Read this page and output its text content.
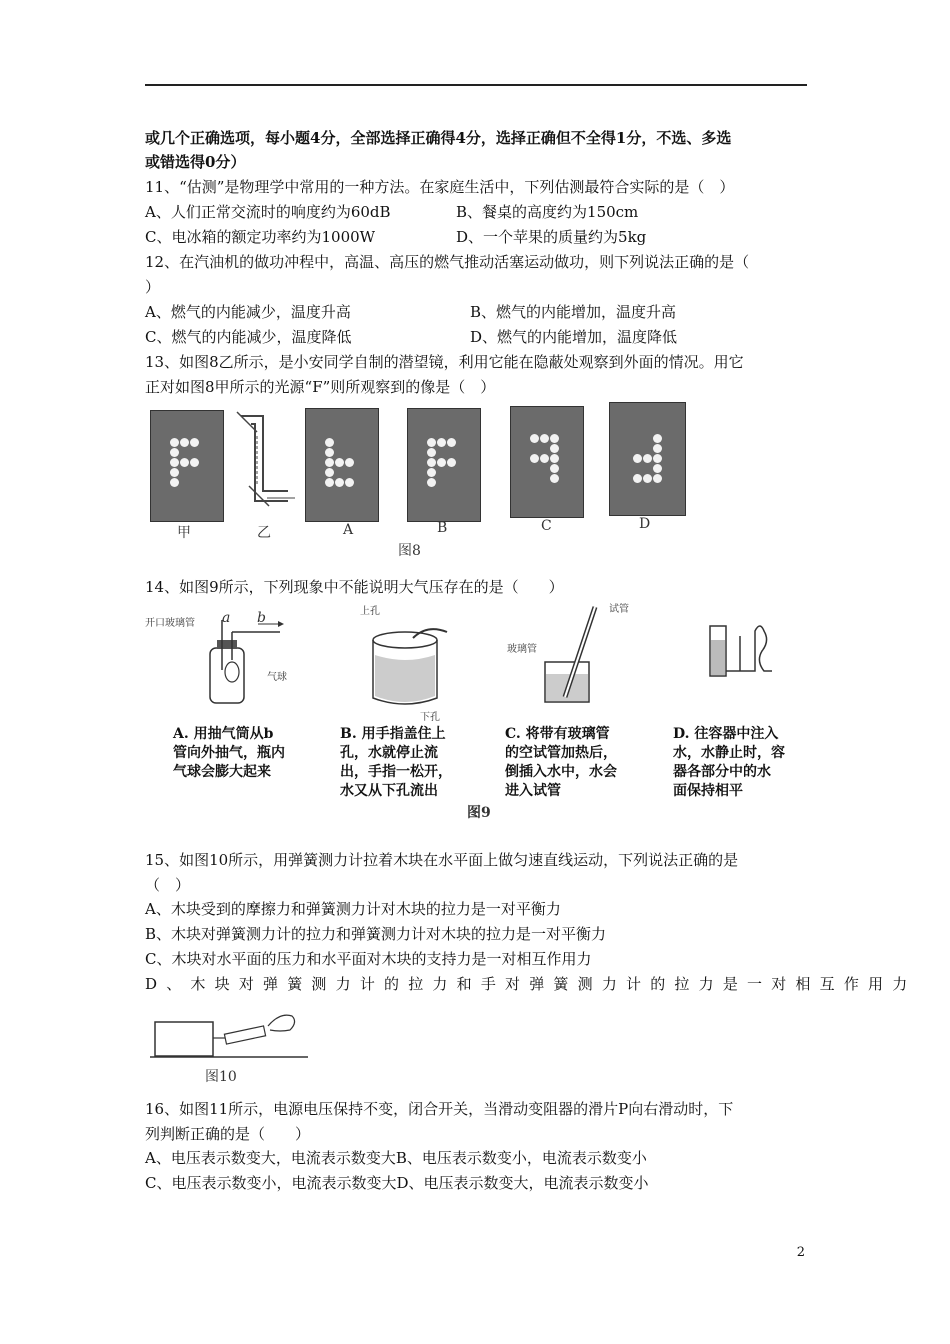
或几个正确选项，每小题4分，全部选择正确得4分，选择正确但不全得1分，不选、多选
或错选得0分）
11、“估测”是物理学中常用的一种方法。在家庭生活中，下列估测最符合实际的是（　）
A、人们正常交流时的响度约为60dB	B、餐桌的高度约为150cm
C、电冰箱的额定功率约为1000W	D、一个苹果的质量约为5kg
12、在汽油机的做功冲程中，高温、高压的燃气推动活塞运动做功，则下列说法正确的是（
）
A、燃气的内能减少，温度升高	B、燃气的内能增加，温度升高
C、燃气的内能减少，温度降低	D、燃气的内能增加，温度降低
13、如图8乙所示，是小安同学自制的潜望镜，利用它能在隐蔽处观察到外面的情况。用它
正对如图8甲所示的光源“F”则所观察到的像是（　）
甲	乙	A	B	C	D
图8
14、如图9所示，下列现象中不能说明大气压存在的是（　　）
开口玻璃管 a b
气球
上孔
下孔
玻璃管
试管
A. 用抽气筒从b
管向外抽气，瓶内
气球会膨大起来
B. 用手指盖住上
孔，水就停止流
出，手指一松开，
水又从下孔流出
C. 将带有玻璃管
的空试管加热后，
倒插入水中，水会
进入试管
D. 往容器中注入
水，水静止时，容
器各部分中的水
面保持相平
图9
15、如图10所示，用弹簧测力计拉着木块在水平面上做匀速直线运动，下列说法正确的是
（　）
A、木块受到的摩擦力和弹簧测力计对木块的拉力是一对平衡力
B、木块对弹簧测力计的拉力和弹簧测力计对木块的拉力是一对平衡力
C、木块对水平面的压力和水平面对木块的支持力是一对相互作用力
D、木块对弹簧测力计的拉力和手对弹簧测力计的拉力是一对相互作用力
图10
16、如图11所示，电源电压保持不变，闭合开关，当滑动变阻器的滑片P向右滑动时，下
列判断正确的是（　　）
A、电压表示数变大，电流表示数变大B、电压表示数变小，电流表示数变小
C、电压表示数变小，电流表示数变大D、电压表示数变大，电流表示数变小
2
